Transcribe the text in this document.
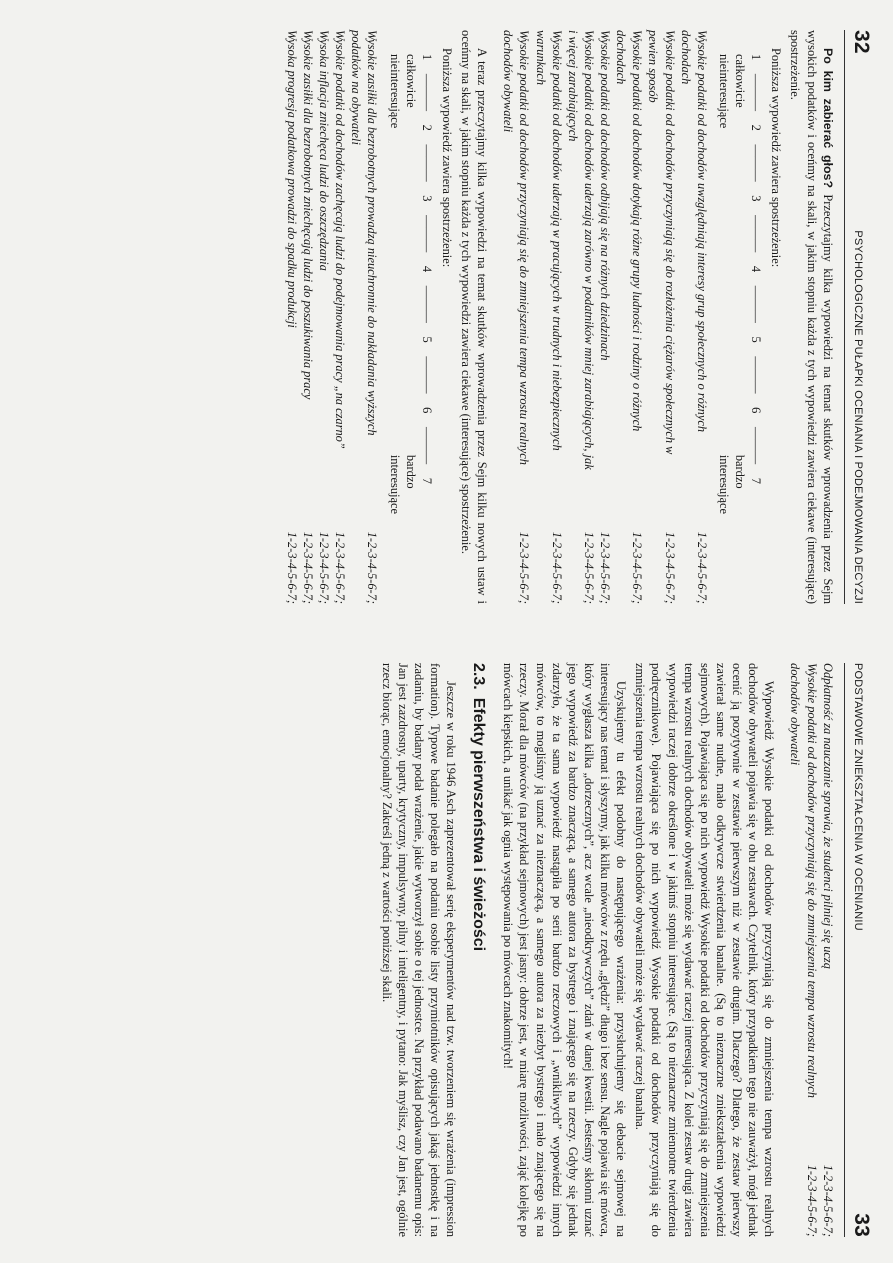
32
PSYCHOLOGICZNE PUŁAPKI OCENIANIA I PODEJMOWANIA DECYZJI

Po kim zabierać głos? Przeczytajmy kilka wypowiedzi na temat skutków wprowadzenia przez Sejm wysokich podatków i oceńmy na skali, w jakim stopniu każda z tych wypowiedzi zawiera ciekawe (interesujące) spostrzeżenie.

Poniższa wypowiedź zawiera spostrzeżenie:

1
———
2
———
3
———
4
———
5
———
6
———
7
całkowicie
nieinteresujące
bardzo
interesujące
Wysokie podatki od dochodów uwzględniają interesy grup społecznych o różnych dochodach
1-2-3-4-5-6-7;
Wysokie podatki od dochodów przyczyniają się do rozłożenia ciężarów społecznych w pewien sposób
1-2-3-4-5-6-7;
Wysokie podatki od dochodów dotykają różne grupy ludności i rodziny o różnych dochodach
1-2-3-4-5-6-7;
Wysokie podatki od dochodów odbijają się na różnych dziedzinach
1-2-3-4-5-6-7;
Wysokie podatki od dochodów uderzają zarówno w podatników mniej zarabiających, jak i więcej zarabiających
1-2-3-4-5-6-7;
Wysokie podatki od dochodów uderzają w pracujących w trudnych i niebezpiecznych warunkach
1-2-3-4-5-6-7;
Wysokie podatki od dochodów przyczyniają się do zmniejszenia tempa wzrostu realnych dochodów obywateli
1-2-3-4-5-6-7;

A teraz przeczytajmy kilka wypowiedzi na temat skutków wprowadzenia przez Sejm kilku nowych ustaw i oceńmy na skali, w jakim stopniu każda z tych wypowiedzi zawiera ciekawe (interesujące) spostrzeżenie.

Poniższa wypowiedź zawiera spostrzeżenie:

1
———
2
———
3
———
4
———
5
———
6
———
7
całkowicie
nieinteresujące
bardzo
interesujące
Wysokie zasiłki dla bezrobotnych prowadzą nieuchronnie do nakładania wyższych podatków na obywateli
1-2-3-4-5-6-7;
Wysokie podatki od dochodów zachęcają ludzi do podejmowania pracy „na czarno”
1-2-3-4-5-6-7;
Wysoka inflacja zniechęca ludzi do oszczędzania
1-2-3-4-5-6-7;
Wysokie zasiłki dla bezrobotnych zniechęcają ludzi do poszukiwania pracy
1-2-3-4-5-6-7;
Wysoka progresja podatkowa prowadzi do spadku produkcji
1-2-3-4-5-6-7;
PODSTAWOWE ZNIEKSZTAŁCENIA W OCENIANIU
33
Odpłatność za nauczanie sprawia, że studenci pilniej się uczą
1-2-3-4-5-6-7;
Wysokie podatki od dochodów przyczyniają się do zmniejszenia tempa wzrostu realnych dochodów obywateli
1-2-3-4-5-6-7;

Wypowiedź Wysokie podatki od dochodów przyczyniają się do zmniejszenia tempa wzrostu realnych dochodów obywateli pojawia się w obu zestawach. Czytelnik, który przypadkiem tego nie zauważył, mógł jednak ocenić ją pozytywnie w zestawie pierwszym niż w zestawie drugim. Dlaczego? Dlatego, że zestaw pierwszy zawierał same nudne, mało odkrywcze stwierdzenia banalne. (Są to nieznaczne zniekształcenia wypowiedzi sejmowych). Pojawiająca się po nich wypowiedź Wysokie podatki od dochodów przyczyniają się do zmniejszenia tempa wzrostu realnych dochodów obywateli może się wydawać raczej interesująca. Z kolei zestaw drugi zawiera wypowiedzi raczej dobrze określone i w jakimś stopniu interesujące. (Są to nieznaczne zmiennotne twierdzenia podręcznikowe). Pojawiająca się po nich wypowiedź Wysokie podatki od dochodów przyczyniają się do zmniejszenia tempa wzrostu realnych dochodów obywateli może się wydawać raczej banalna.

Uzyskujemy tu efekt podobny do następującego wrażenia: przysłuchujemy się debacie sejmowej na interesujący nas temat i słyszymy, jak kilku mówców z rzędu „ględzi” długo i bez sensu. Nagle pojawia się mówca, który wygłasza kilka „dorzecznych”, acz wcale „nieodkrywczych” zdań w danej kwestii. Jesteśmy skłonni uznać jego wypowiedź za bardzo znaczącą, a samego autora za bystrego i znającego się na rzeczy. Gdyby się jednak zdarzyło, że ta sama wypowiedź nastąpiła po serii bardzo rzeczowych i „wnikliwych” wypowiedzi innych mówców, to mogliśmy ją uznać za nieznaczącą, a samego autora za niezbyt bystrego i mało znającego się na rzeczy. Morał dla mówców (na przykład sejmowych) jest jasny: dobrze jest, w miarę możliwości, zająć kolejkę po mówcach kiepskich, a unikać jak ognia występowania po mówcach znakomitych!

2.3.Efekty pierwszeństwa i świeżości

Jeszcze w roku 1946 Asch zaprezentował serię eksperymentów nad tzw. tworzeniem się wrażenia (impression formation). Typowe badanie polegało na podaniu osobie listy przymiotników opisujących jakąś jednostkę i na zadaniu, by badany podał wrażenie, jakie wytworzył sobie o tej jednostce. Na przykład podawano badanemu opis: Jan jest zazdrosny, uparty, krytyczny, impulsywny, pilny i inteligentny, i pytano: Jak myślisz, czy Jan jest, ogólnie rzecz biorąc, emocjonalny? Zakreśl jedną z wartości poniższej skali.
